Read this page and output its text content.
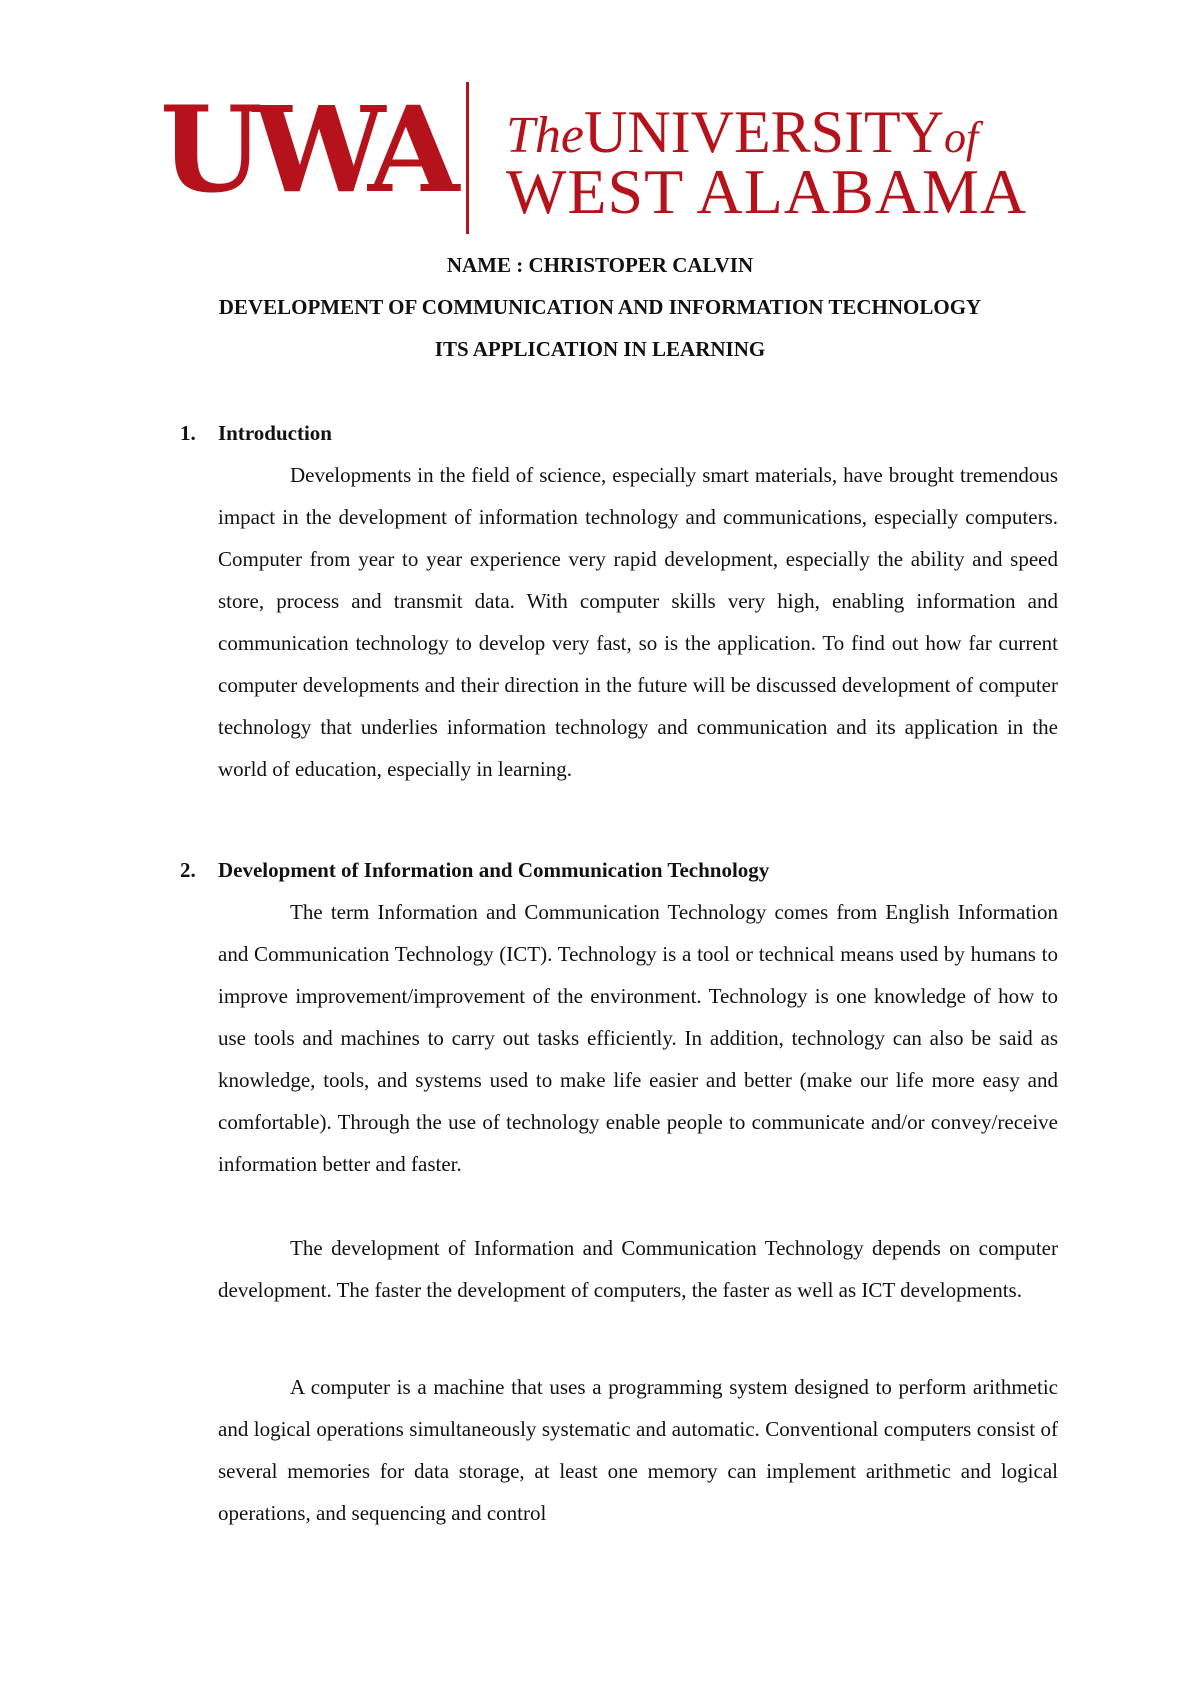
UWA TheUNIVERSITYof
WEST ALABAMA
NAME : CHRISTOPER CALVIN
DEVELOPMENT OF COMMUNICATION AND INFORMATION TECHNOLOGY
ITS APPLICATION IN LEARNING
1. Introduction

Developments in the field of science, especially smart materials, have brought tremendous impact in the development of information technology and communications, especially computers. Computer from year to year experience very rapid development, especially the ability and speed store, process and transmit data. With computer skills very high, enabling information and communication technology to develop very fast, so is the application. To find out how far current computer developments and their direction in the future will be discussed development of computer technology that underlies information technology and communication and its application in the world of education, especially in learning.

2. Development of Information and Communication Technology

The term Information and Communication Technology comes from English Information and Communication Technology (ICT). Technology is a tool or technical means used by humans to improve improvement/improvement of the environment. Technology is one knowledge of how to use tools and machines to carry out tasks efficiently. In addition, technology can also be said as knowledge, tools, and systems used to make life easier and better (make our life more easy and comfortable). Through the use of technology enable people to communicate and/or convey/receive information better and faster.

The development of Information and Communication Technology depends on computer development. The faster the development of computers, the faster as well as ICT developments.

A computer is a machine that uses a programming system designed to perform arithmetic and logical operations simultaneously systematic and automatic. Conventional computers consist of several memories for data storage, at least one memory can implement arithmetic and logical operations, and sequencing and control
